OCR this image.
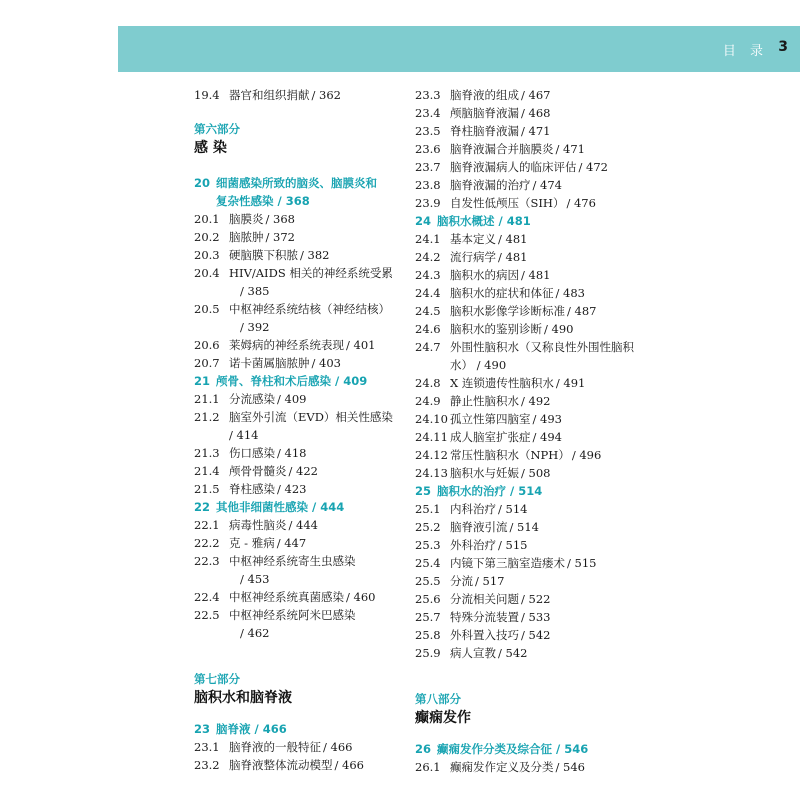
目 录 3
19.4 器官和组织捐献 / 362
第六部分
感 染
20 细菌感染所致的脑炎、脑膜炎和
复杂性感染 / 368
20.1 脑膜炎 / 368
20.2 脑脓肿 / 372
20.3 硬脑膜下积脓 / 382
20.4 HIV/AIDS 相关的神经系统受累
/ 385
20.5 中枢神经系统结核（神经结核）
/ 392
20.6 莱姆病的神经系统表现 / 401
20.7 诺卡菌属脑脓肿 / 403
21 颅骨、脊柱和术后感染 / 409
21.1 分流感染 / 409
21.2 脑室外引流（EVD）相关性感染 / 414
21.3 伤口感染 / 418
21.4 颅骨骨髓炎 / 422
21.5 脊柱感染 / 423
22 其他非细菌性感染 / 444
22.1 病毒性脑炎 / 444
22.2 克 - 雅病 / 447
22.3 中枢神经系统寄生虫感染
/ 453
22.4 中枢神经系统真菌感染 / 460
22.5 中枢神经系统阿米巴感染
/ 462
第七部分
脑积水和脑脊液
23 脑脊液 / 466
23.1 脑脊液的一般特征 / 466
23.2 脑脊液整体流动模型 / 466
23.3 脑脊液的组成 / 467
23.4 颅脑脑脊液漏 / 468
23.5 脊柱脑脊液漏 / 471
23.6 脑脊液漏合并脑膜炎 / 471
23.7 脑脊液漏病人的临床评估 / 472
23.8 脑脊液漏的治疗 / 474
23.9 自发性低颅压（SIH） / 476
24 脑积水概述 / 481
24.1 基本定义 / 481
24.2 流行病学 / 481
24.3 脑积水的病因 / 481
24.4 脑积水的症状和体征 / 483
24.5 脑积水影像学诊断标准 / 487
24.6 脑积水的鉴别诊断 / 490
24.7 外围性脑积水（又称良性外围性脑积水） / 490
24.8 X 连锁遗传性脑积水 / 491
24.9 静止性脑积水 / 492
24.10 孤立性第四脑室 / 493
24.11 成人脑室扩张症 / 494
24.12 常压性脑积水（NPH） / 496
24.13 脑积水与妊娠 / 508
25 脑积水的治疗 / 514
25.1 内科治疗 / 514
25.2 脑脊液引流 / 514
25.3 外科治疗 / 515
25.4 内镜下第三脑室造瘘术 / 515
25.5 分流 / 517
25.6 分流相关问题 / 522
25.7 特殊分流装置 / 533
25.8 外科置入技巧 / 542
25.9 病人宣教 / 542
第八部分
癫痫发作
26 癫痫发作分类及综合征 / 546
26.1 癫痫发作定义及分类 / 546
